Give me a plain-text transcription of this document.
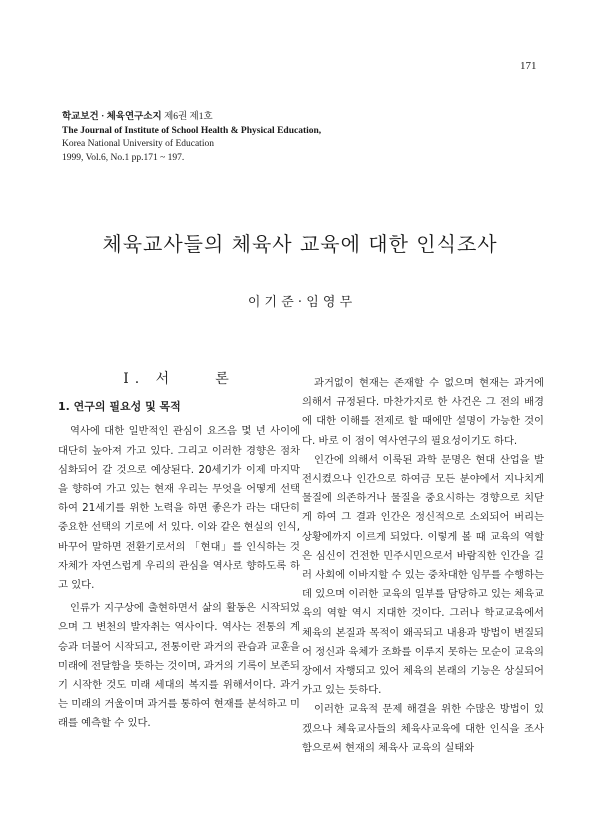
171
학교보건 · 체육연구소지 제6권 제1호
The Journal of Institute of School Health & Physical Education,
Korea National University of Education
1999, Vol.6, No.1 pp.171 ~ 197.
체육교사들의 체육사 교육에 대한 인식조사
이 기 준 · 임 영 무
Ⅰ. 서　　론
1. 연구의 필요성 및 목적

역사에 대한 일반적인 관심이 요즈음 몇 년 사이에 대단히 높아져 가고 있다. 그리고 이러한 경향은 점차 심화되어 갈 것으로 예상된다. 20세기가 이제 마지막을 향하여 가고 있는 현재 우리는 무엇을 어떻게 선택하여 21세기를 위한 노력을 하면 좋은가 라는 대단히 중요한 선택의 기로에 서 있다. 이와 같은 현실의 인식, 바꾸어 말하면 전환기로서의 「현대」를 인식하는 것 자체가 자연스럽게 우리의 관심을 역사로 향하도록 하고 있다.

인류가 지구상에 출현하면서 삶의 활동은 시작되었으며 그 변천의 발자취는 역사이다. 역사는 전통의 계승과 더불어 시작되고, 전통이란 과거의 관습과 교훈을 미래에 전달함을 뜻하는 것이며, 과거의 기록이 보존되기 시작한 것도 미래 세대의 복지를 위해서이다. 과거는 미래의 거울이며 과거를 통하여 현재를 분석하고 미래를 예측할 수 있다.

과거없이 현재는 존재할 수 없으며 현재는 과거에 의해서 규정된다. 마찬가지로 한 사건은 그 전의 배경에 대한 이해를 전제로 할 때에만 설명이 가능한 것이다. 바로 이 점이 역사연구의 필요성이기도 하다.

인간에 의해서 이룩된 과학 문명은 현대 산업을 발전시켰으나 인간으로 하여금 모든 분야에서 지나치게 물질에 의존하거나 물질을 중요시하는 경향으로 치닫게 하여 그 결과 인간은 정신적으로 소외되어 버리는 상황에까지 이르게 되었다. 이렇게 볼 때 교육의 역할은 심신이 건전한 민주시민으로서 바람직한 인간을 길러 사회에 이바지할 수 있는 중차대한 임무를 수행하는 데 있으며 이러한 교육의 일부를 담당하고 있는 체육교육의 역할 역시 지대한 것이다. 그러나 학교교육에서 체육의 본질과 목적이 왜곡되고 내용과 방법이 변질되어 정신과 육체가 조화를 이루지 못하는 모순이 교육의 장에서 자행되고 있어 체육의 본래의 기능은 상실되어 가고 있는 듯하다.

이러한 교육적 문제 해결을 위한 수많은 방법이 있겠으나 체육교사들의 체육사교육에 대한 인식을 조사함으로써 현재의 체육사 교육의 실태와
